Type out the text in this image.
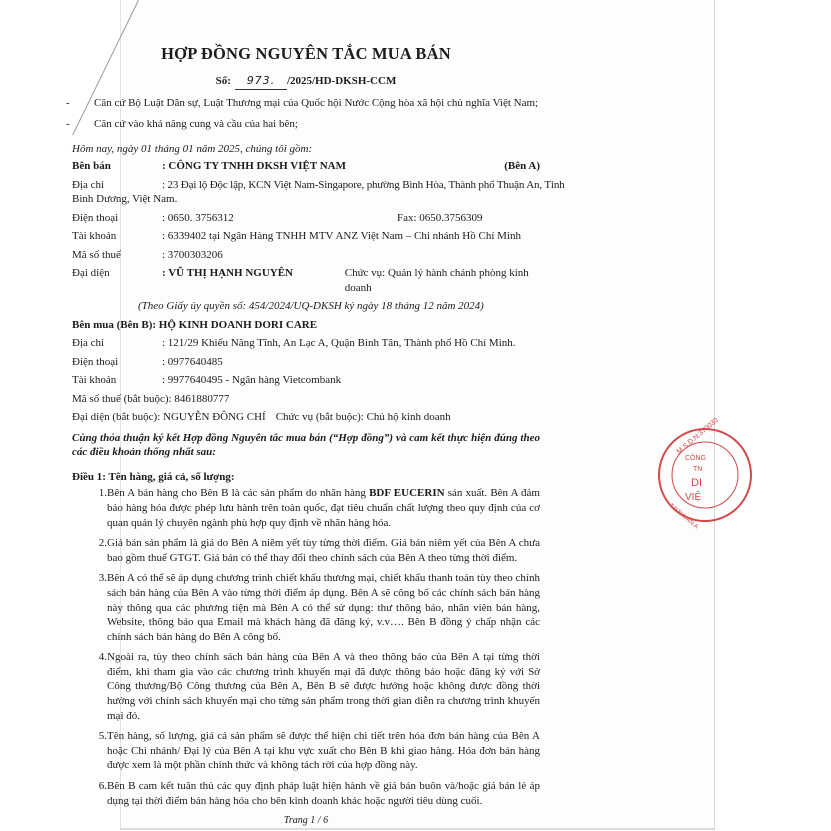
HỢP ĐỒNG NGUYÊN TẮC MUA BÁN
Số: 973. /2025/HD-DKSH-CCM
-	Căn cứ Bộ Luật Dân sự, Luật Thương mại của Quốc hội Nước Cộng hòa xã hội chủ nghĩa Việt Nam;
-	Căn cứ vào khả năng cung và cầu của hai bên;
Hôm nay, ngày 01 tháng 01 năm 2025, chúng tôi gồm:
Bên bán	: CÔNG TY TNHH DKSH VIỆT NAM	(Bên A)
Địa chỉ	: 23 Đại lộ Độc lập, KCN Việt Nam-Singapore, phường Bình Hòa, Thành phố Thuận An, Tỉnh
Bình Dương, Việt Nam.
Điện thoại	: 0650. 3756312	Fax: 0650.3756309
Tài khoản	: 6339402 tại Ngân Hàng TNHH MTV ANZ Việt Nam – Chi nhánh Hồ Chí Minh
Mã số thuế	: 3700303206
Đại diện	: VŨ THỊ HẠNH NGUYÊN	Chức vụ: Quản lý hành chánh phòng kinh doanh
(Theo Giấy ủy quyền số: 454/2024/UQ-DKSH ký ngày 18 tháng 12 năm 2024)
Bên mua (Bên B):
HỘ KINH DOANH DORI CARE
Địa chỉ	: 121/29 Khiếu Năng Tĩnh, An Lạc A, Quận Bình Tân, Thành phố Hồ Chí Minh.
Điện thoại	: 0977640485
Tài khoản	: 9977640495 - Ngân hàng Vietcombank
Mã số thuế (bắt buộc): 8461880777
Đại diện (bắt buộc): NGUYỄN ĐÔNG CHÍ Chức vụ (bắt buộc): Chủ hộ kinh doanh
Cùng thỏa thuận ký kết Hợp đồng Nguyên tắc mua bán (“Hợp đồng”) và cam kết thực hiện đúng theo các điều khoản thống nhất sau:
Điều 1: Tên hàng, giá cả, số lượng:
1. Bên A bán hàng cho Bên B là các sản phẩm do nhãn hàng BDF EUCERIN sản xuất. Bên A đảm bảo hàng hóa được phép lưu hành trên toàn quốc, đạt tiêu chuẩn chất lượng theo quy định của cơ quan quản lý chuyên ngành phù hợp quy định về nhãn hàng hóa.
2. Giá bán sản phẩm là giá do Bên A niêm yết tùy từng thời điểm. Giá bán niêm yết của Bên A chưa bao gồm thuế GTGT. Giá bán có thể thay đổi theo chính sách của Bên A theo từng thời điểm.
3. Bên A có thể sẽ áp dụng chương trình chiết khấu thương mại, chiết khấu thanh toán tùy theo chính sách bán hàng của Bên A vào từng thời điểm áp dụng. Bên A sẽ công bố các chính sách bán hàng này thông qua các phương tiện mà Bên A có thể sử dụng: thư thông báo, nhân viên bán hàng, Website, thông báo qua Email mà khách hàng đã đăng ký, v.v…. Bên B đồng ý chấp nhận các chính sách bán hàng do Bên A công bố.
4. Ngoài ra, tùy theo chính sách bán hàng của Bên A và theo thông báo của Bên A tại từng thời điểm, khi tham gia vào các chương trình khuyến mại đã được thông báo hoặc đăng ký với Sở Công thương/Bộ Công thương của Bên A, Bên B sẽ được hưởng hoặc không được đồng thời hưởng với chính sách khuyến mại cho từng sản phẩm trong thời gian diễn ra chương trình khuyến mại đó.
5. Tên hàng, số lượng, giá cả sản phẩm sẽ được thể hiện chi tiết trên hóa đơn bán hàng của Bên A hoặc Chi nhánh/ Đại lý của Bên A tại khu vực xuất cho Bên B khi giao hàng. Hóa đơn bán hàng được xem là một phần chính thức và không tách rời của hợp đồng này.
6. Bên B cam kết tuân thủ các quy định pháp luật hiện hành về giá bán buôn và/hoặc giá bán lẻ áp dụng tại thời điểm bán hàng hóa cho bên kinh doanh khác hoặc người tiêu dùng cuối.
Trang 1 / 6
M.S.D.N:370030
CÔNG
TN
DI
VIỆ
T.P.THUẬN A
